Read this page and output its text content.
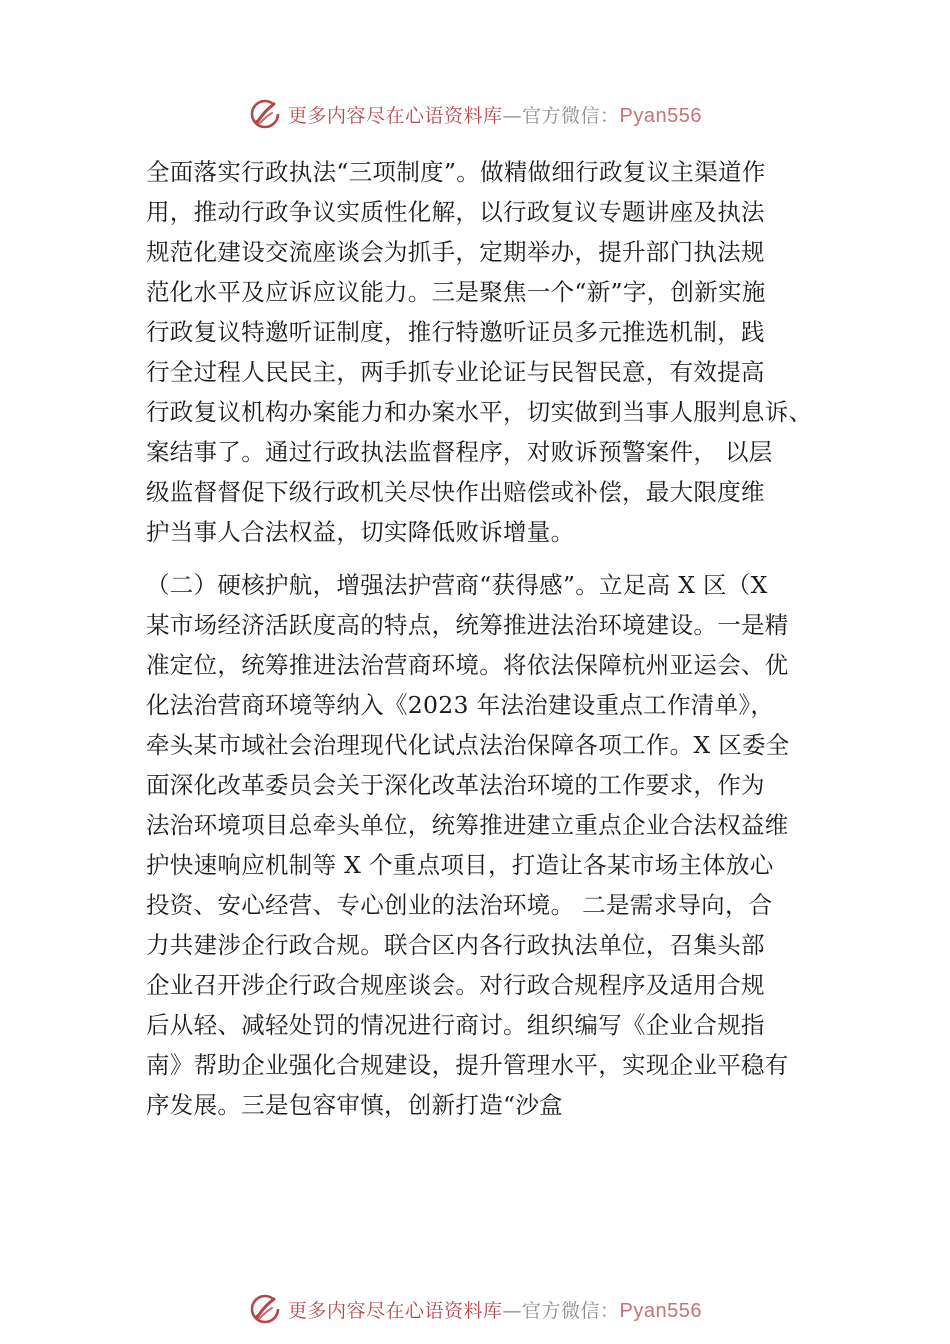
更多内容尽在心语资料库—官方微信：Pyan556
全面落实行政执法“三项制度”。做精做细行政复议主渠道作
用，推动行政争议实质性化解，以行政复议专题讲座及执法
规范化建设交流座谈会为抓手，定期举办，提升部门执法规
范化水平及应诉应议能力。三是聚焦一个“新”字，创新实施
行政复议特邀听证制度，推行特邀听证员多元推选机制，践
行全过程人民民主，两手抓专业论证与民智民意，有效提高
行政复议机构办案能力和办案水平，切实做到当事人服判息诉、
案结事了。通过行政执法监督程序，对败诉预警案件， 以层
级监督督促下级行政机关尽快作出赔偿或补偿，最大限度维
护当事人合法权益，切实降低败诉增量。
（二）硬核护航，增强法护营商“获得感”。立足高 X 区（X
某市场经济活跃度高的特点，统筹推进法治环境建设。一是精
准定位，统筹推进法治营商环境。将依法保障杭州亚运会、优
化法治营商环境等纳入《2023 年法治建设重点工作清单》，
牵头某市域社会治理现代化试点法治保障各项工作。X 区委全
面深化改革委员会关于深化改革法治环境的工作要求，作为
法治环境项目总牵头单位，统筹推进建立重点企业合法权益维
护快速响应机制等 X 个重点项目，打造让各某市场主体放心
投资、安心经营、专心创业的法治环境。 二是需求导向，合
力共建涉企行政合规。联合区内各行政执法单位，召集头部
企业召开涉企行政合规座谈会。对行政合规程序及适用合规
后从轻、减轻处罚的情况进行商讨。组织编写《企业合规指
南》帮助企业强化合规建设，提升管理水平，实现企业平稳有
序发展。三是包容审慎，创新打造“沙盒
更多内容尽在心语资料库—官方微信：Pyan556
